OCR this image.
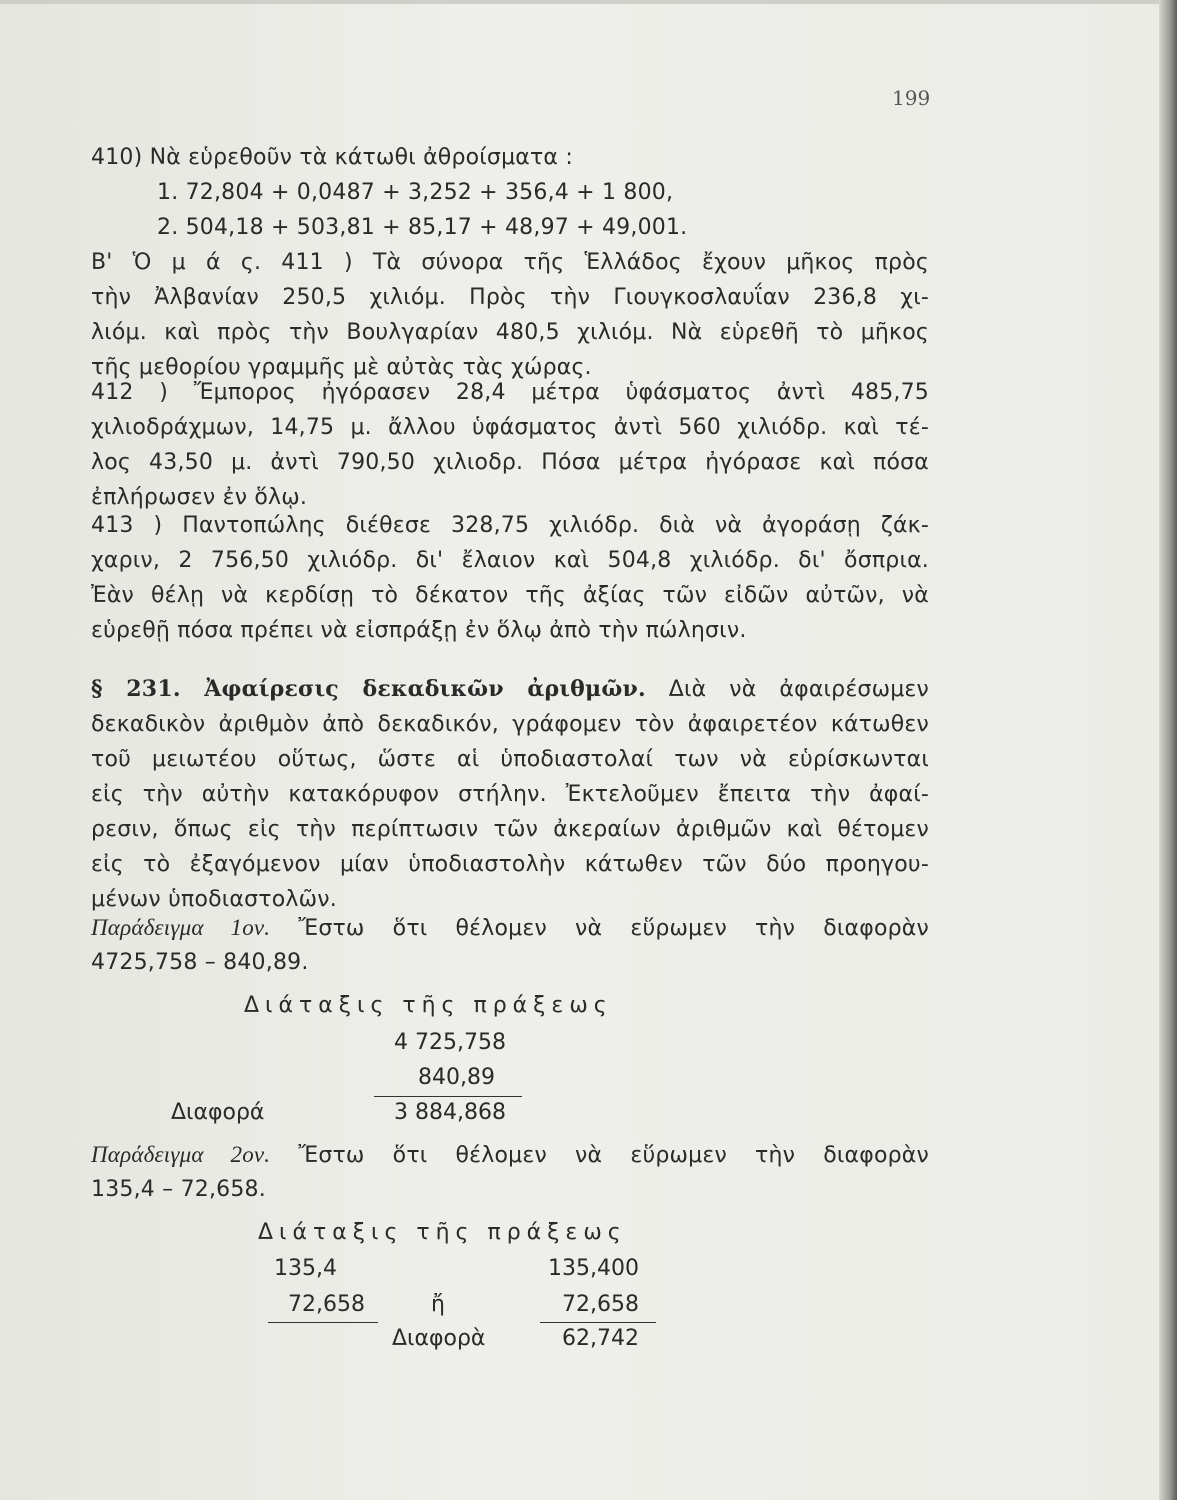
199
410) Νὰ εὑρεθοῦν τὰ κάτωθι ἀθροίσματα :
1. 72,804 + 0,0487 + 3,252 + 356,4 + 1 800,
2. 504,18 + 503,81 + 85,17 + 48,97 + 49,001.
Β' Ὁ μ ά ς. 411 ) Τὰ σύνορα τῆς Ἑλλάδος ἔχουν μῆκος πρὸς
τὴν Ἀλβανίαν 250,5 χιλιόμ. Πρὸς τὴν Γιουγκοσλαυΐαν 236,8 χι-
λιόμ. καὶ πρὸς τὴν Βουλγαρίαν 480,5 χιλιόμ. Νὰ εὑρεθῆ τὸ μῆκος
τῆς μεθορίου γραμμῆς μὲ αὐτὰς τὰς χώρας.
412 ) Ἔμπορος ἠγόρασεν 28,4 μέτρα ὑφάσματος ἀντὶ 485,75
χιλιοδράχμων, 14,75 μ. ἄλλου ὑφάσματος ἀντὶ 560 χιλιόδρ. καὶ τέ-
λος 43,50 μ. ἀντὶ 790,50 χιλιοδρ. Πόσα μέτρα ἠγόρασε καὶ πόσα
ἐπλήρωσεν ἐν ὅλῳ.
413 ) Παντοπώλης διέθεσε 328,75 χιλιόδρ. διὰ νὰ ἀγοράσῃ ζάκ-
χαριν, 2 756,50 χιλιόδρ. δι' ἔλαιον καὶ 504,8 χιλιόδρ. δι' ὄσπρια.
Ἐὰν θέλῃ νὰ κερδίσῃ τὸ δέκατον τῆς ἀξίας τῶν εἰδῶν αὐτῶν, νὰ
εὑρεθῇ πόσα πρέπει νὰ εἰσπράξῃ ἐν ὅλῳ ἀπὸ τὴν πώλησιν.
§ 231. Ἀφαίρεσις δεκαδικῶν ἀριθμῶν. Διὰ νὰ ἀφαιρέσωμεν
δεκαδικὸν ἀριθμὸν ἀπὸ δεκαδικόν, γράφομεν τὸν ἀφαιρετέον κάτωθεν
τοῦ μειωτέου οὕτως, ὥστε αἱ ὑποδιαστολαί των νὰ εὑρίσκωνται
εἰς τὴν αὐτὴν κατακόρυφον στήλην. Ἐκτελοῦμεν ἔπειτα τὴν ἀφαί-
ρεσιν, ὅπως εἰς τὴν περίπτωσιν τῶν ἀκεραίων ἀριθμῶν καὶ θέτομεν
εἰς τὸ ἐξαγόμενον μίαν ὑποδιαστολὴν κάτωθεν τῶν δύο προηγου-
μένων ὑποδιαστολῶν.
Παράδειγμα 1ον. Ἔστω ὅτι θέλομεν νὰ εὕρωμεν τὴν διαφορὰν
4725,758 – 840,89.
Διάταξις τῆς πράξεως
4 725,758
840,89
Διαφορά	3 884,868
Παράδειγμα 2ον. Ἔστω ὅτι θέλομεν νὰ εὕρωμεν τὴν διαφορὰν
135,4 – 72,658.
Διάταξις τῆς πράξεως
135,4	135,400
72,658	ἤ	72,658
Διαφορὰ	62,742
